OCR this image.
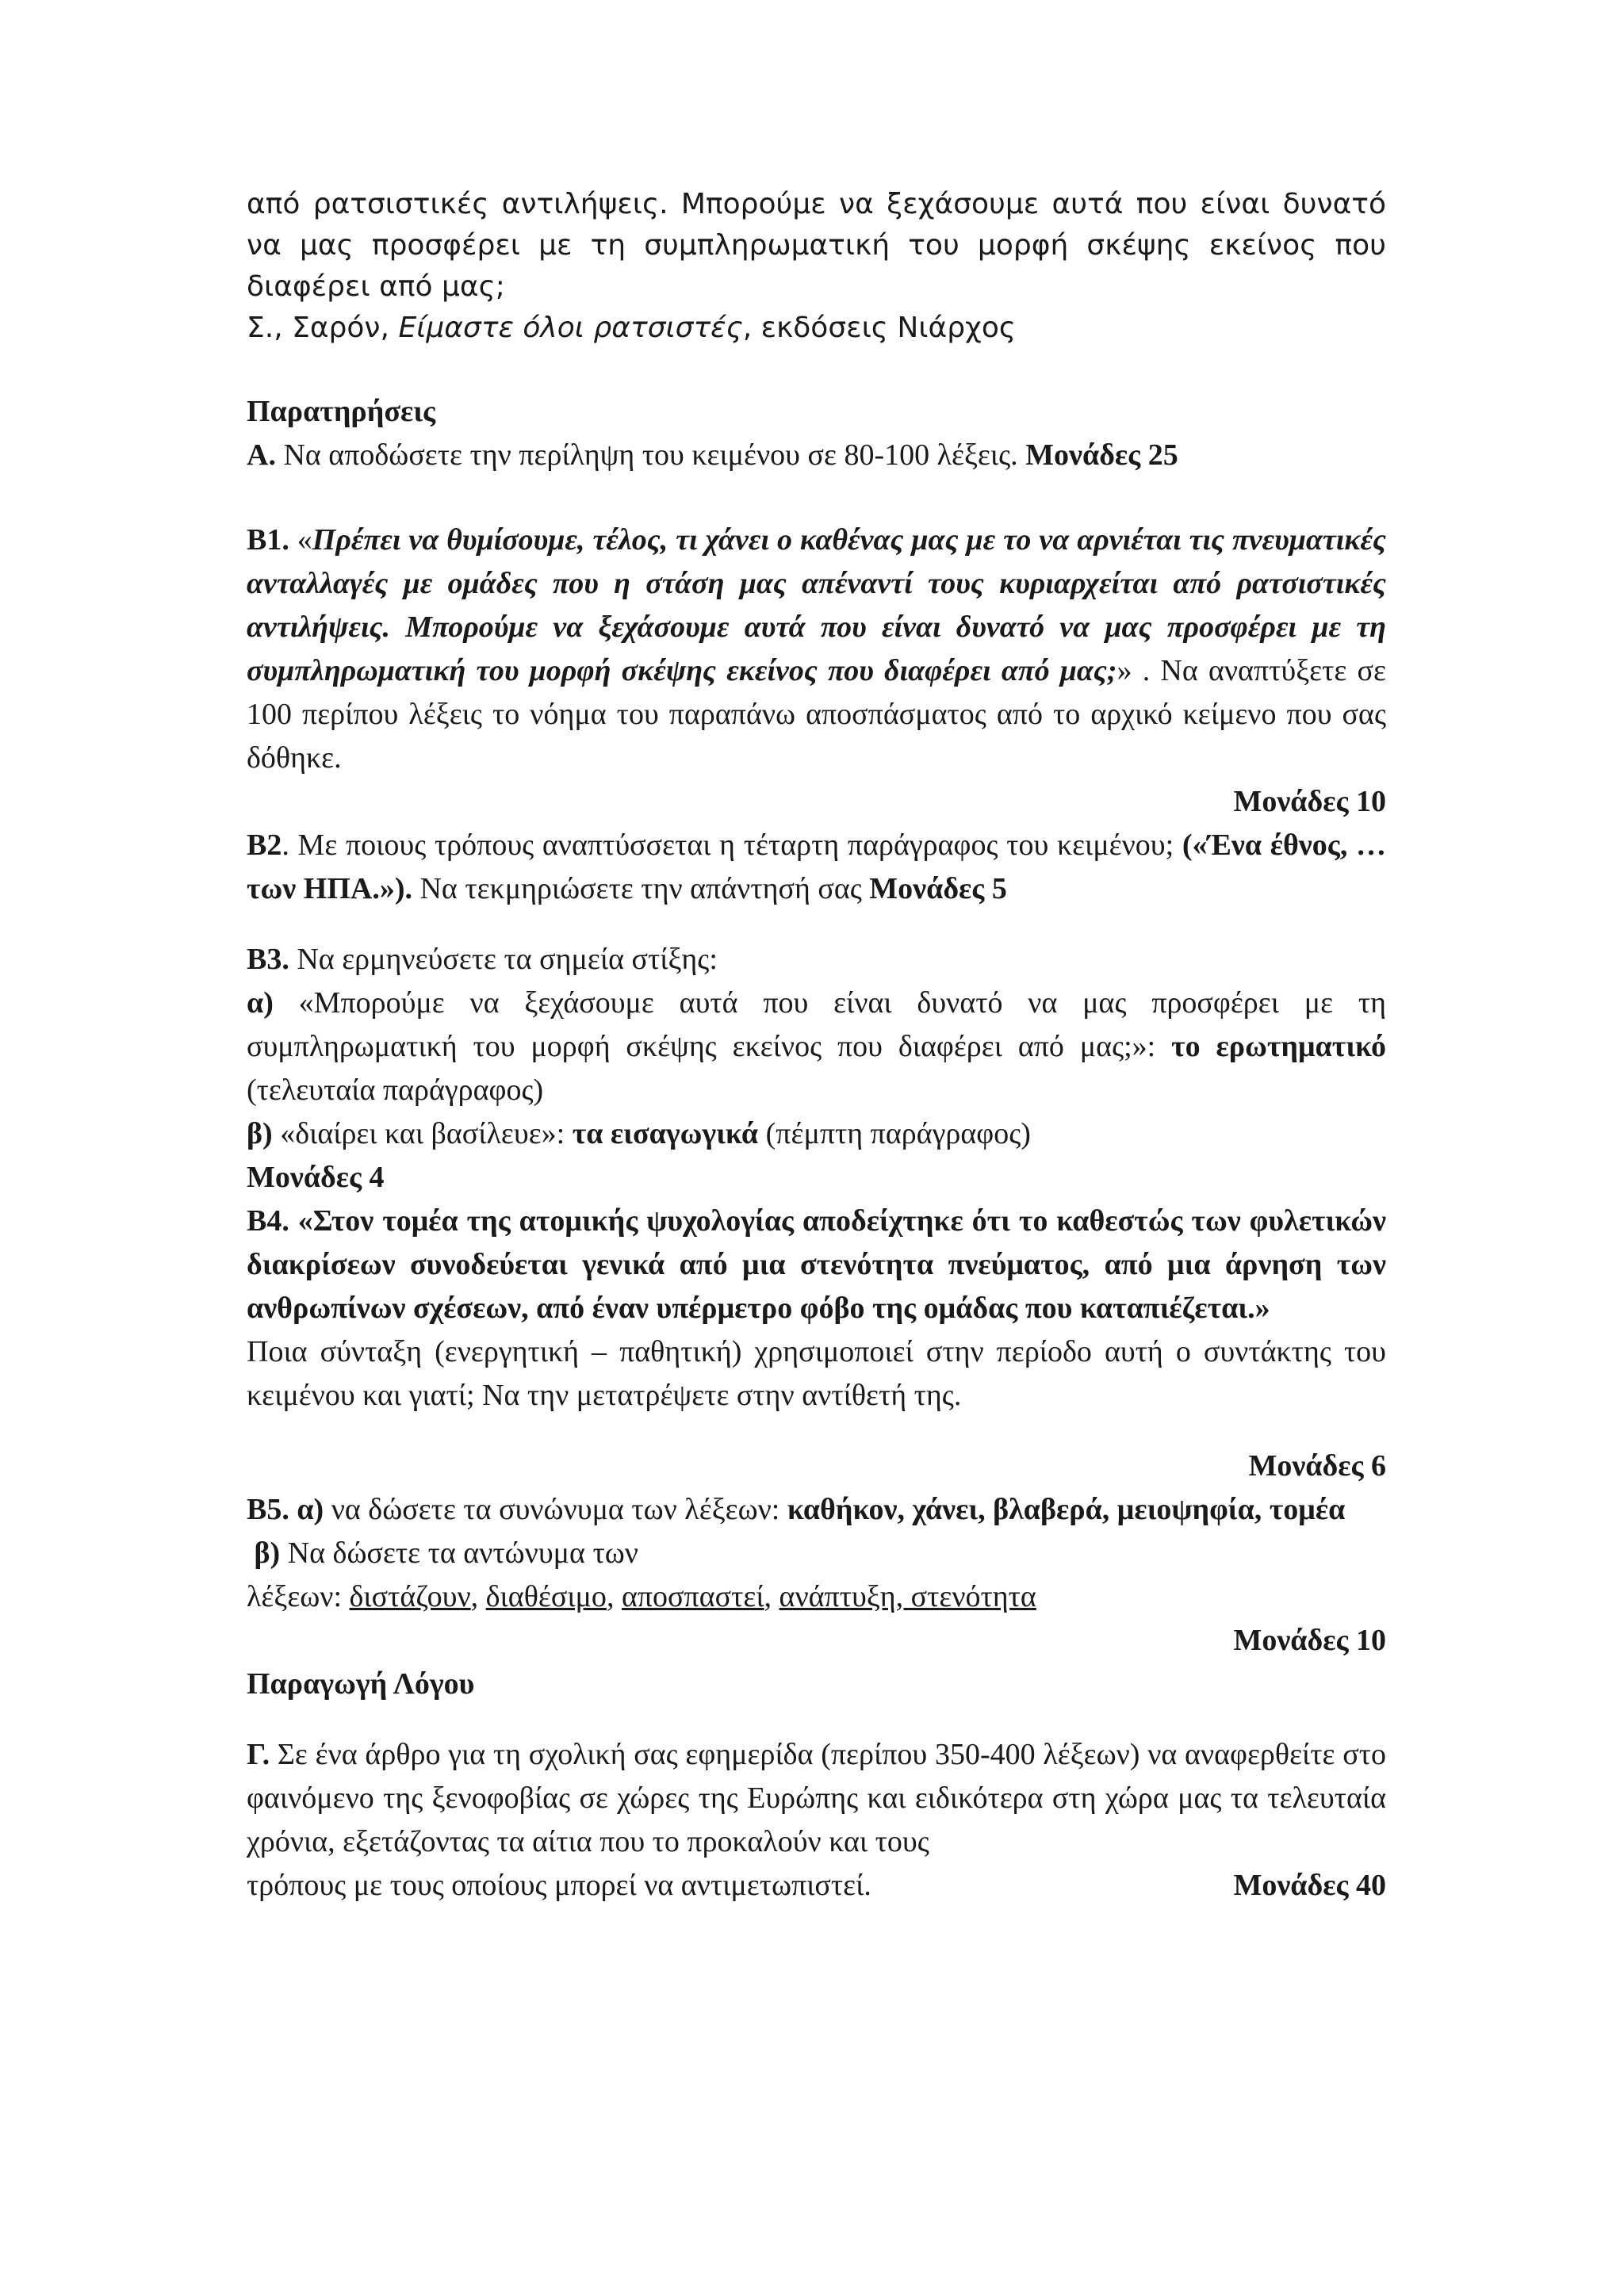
από ρατσιστικές αντιλήψεις. Μπορούμε να ξεχάσουμε αυτά που είναι δυνατό να μας προσφέρει με τη συμπληρωματική του μορφή σκέψης εκείνος που διαφέρει από μας;

Σ., Σαρόν, Είμαστε όλοι ρατσιστές, εκδόσεις Νιάρχος

Παρατηρήσεις

Α. Να αποδώσετε την περίληψη του κειμένου σε 80-100 λέξεις. Μονάδες 25

Β1. «Πρέπει να θυμίσουμε, τέλος, τι χάνει ο καθένας μας με το να αρνιέται τις πνευματικές ανταλλαγές με ομάδες που η στάση μας απέναντί τους κυριαρχείται από ρατσιστικές αντιλήψεις. Μπορούμε να ξεχάσουμε αυτά που είναι δυνατό να μας προσφέρει με τη συμπληρωματική του μορφή σκέψης εκείνος που διαφέρει από μας;» . Να αναπτύξετε σε 100 περίπου λέξεις το νόημα του παραπάνω αποσπάσματος από το αρχικό κείμενο που σας δόθηκε.

Μονάδες 10

Β2. Με ποιους τρόπους αναπτύσσεται η τέταρτη παράγραφος του κειμένου; («Ένα έθνος, … των ΗΠΑ.»). Να τεκμηριώσετε την απάντησή σας Μονάδες 5

Β3. Να ερμηνεύσετε τα σημεία στίξης:

α) «Μπορούμε να ξεχάσουμε αυτά που είναι δυνατό να μας προσφέρει με τη συμπληρωματική του μορφή σκέψης εκείνος που διαφέρει από μας;»: το ερωτηματικό (τελευταία παράγραφος)

β) «διαίρει και βασίλευε»: τα εισαγωγικά (πέμπτη παράγραφος)

Μονάδες 4

Β4. «Στον τομέα της ατομικής ψυχολογίας αποδείχτηκε ότι το καθεστώς των φυλετικών διακρίσεων συνοδεύεται γενικά από μια στενότητα πνεύματος, από μια άρνηση των ανθρωπίνων σχέσεων, από έναν υπέρμετρο φόβο της ομάδας που καταπιέζεται.»

Ποια σύνταξη (ενεργητική – παθητική) χρησιμοποιεί στην περίοδο αυτή ο συντάκτης του κειμένου και γιατί; Να την μετατρέψετε στην αντίθετή της.

Μονάδες 6

Β5. α) να δώσετε τα συνώνυμα των λέξεων: καθήκον, χάνει, βλαβερά, μειοψηφία, τομέα

β) Να δώσετε τα αντώνυμα των

λέξεων: διστάζουν, διαθέσιμο, αποσπαστεί, ανάπτυξη, στενότητα

Μονάδες 10

Παραγωγή Λόγου

Γ. Σε ένα άρθρο για τη σχολική σας εφημερίδα (περίπου 350-400 λέξεων) να αναφερθείτε στο φαινόμενο της ξενοφοβίας σε χώρες της Ευρώπης και ειδικότερα στη χώρα μας τα τελευταία χρόνια, εξετάζοντας τα αίτια που το προκαλούν και τους

τρόπους με τους οποίους μπορεί να αντιμετωπιστεί.	Μονάδες 40
